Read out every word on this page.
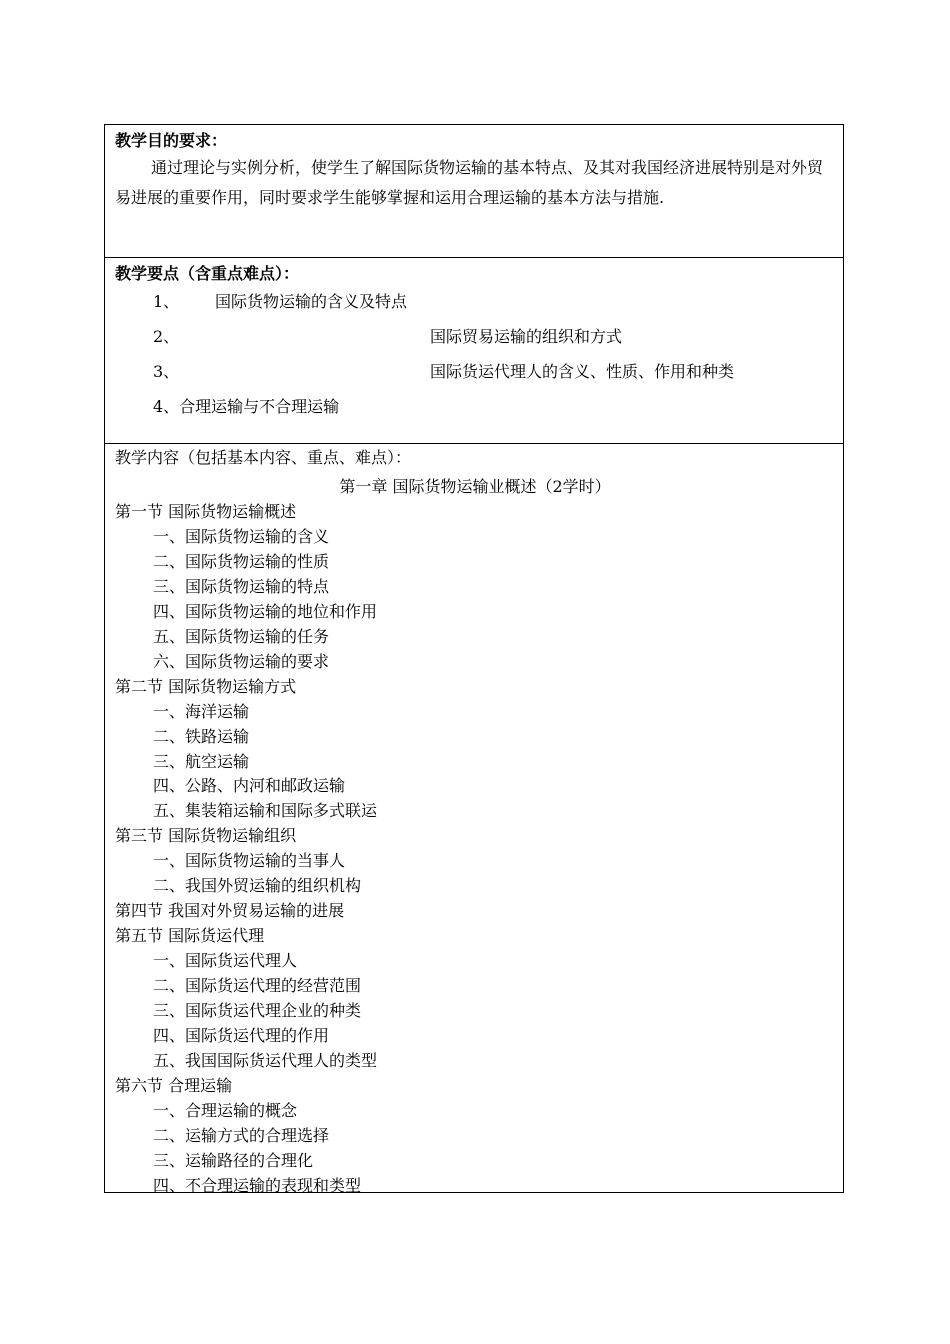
教学目的要求：
通过理论与实例分析，使学生了解国际货物运输的基本特点、及其对我国经济进展特别是对外贸易进展的重要作用，同时要求学生能够掌握和运用合理运输的基本方法与措施.
教学要点（含重点难点）：
1、 国际货物运输的含义及特点
2、	国际贸易运输的组织和方式
3、	国际货运代理人的含义、性质、作用和种类
4、合理运输与不合理运输
教学内容（包括基本内容、重点、难点）：
第一章 国际货物运输业概述（2学时）
第一节 国际货物运输概述
一、国际货物运输的含义
二、国际货物运输的性质
三、国际货物运输的特点
四、国际货物运输的地位和作用
五、国际货物运输的任务
六、国际货物运输的要求
第二节 国际货物运输方式
一、海洋运输
二、铁路运输
三、航空运输
四、公路、内河和邮政运输
五、集装箱运输和国际多式联运
第三节 国际货物运输组织
一、国际货物运输的当事人
二、我国外贸运输的组织机构
第四节 我国对外贸易运输的进展
第五节 国际货运代理
一、国际货运代理人
二、国际货运代理的经营范围
三、国际货运代理企业的种类
四、国际货运代理的作用
五、我国国际货运代理人的类型
第六节 合理运输
一、合理运输的概念
二、运输方式的合理选择
三、运输路径的合理化
四、不合理运输的表现和类型
